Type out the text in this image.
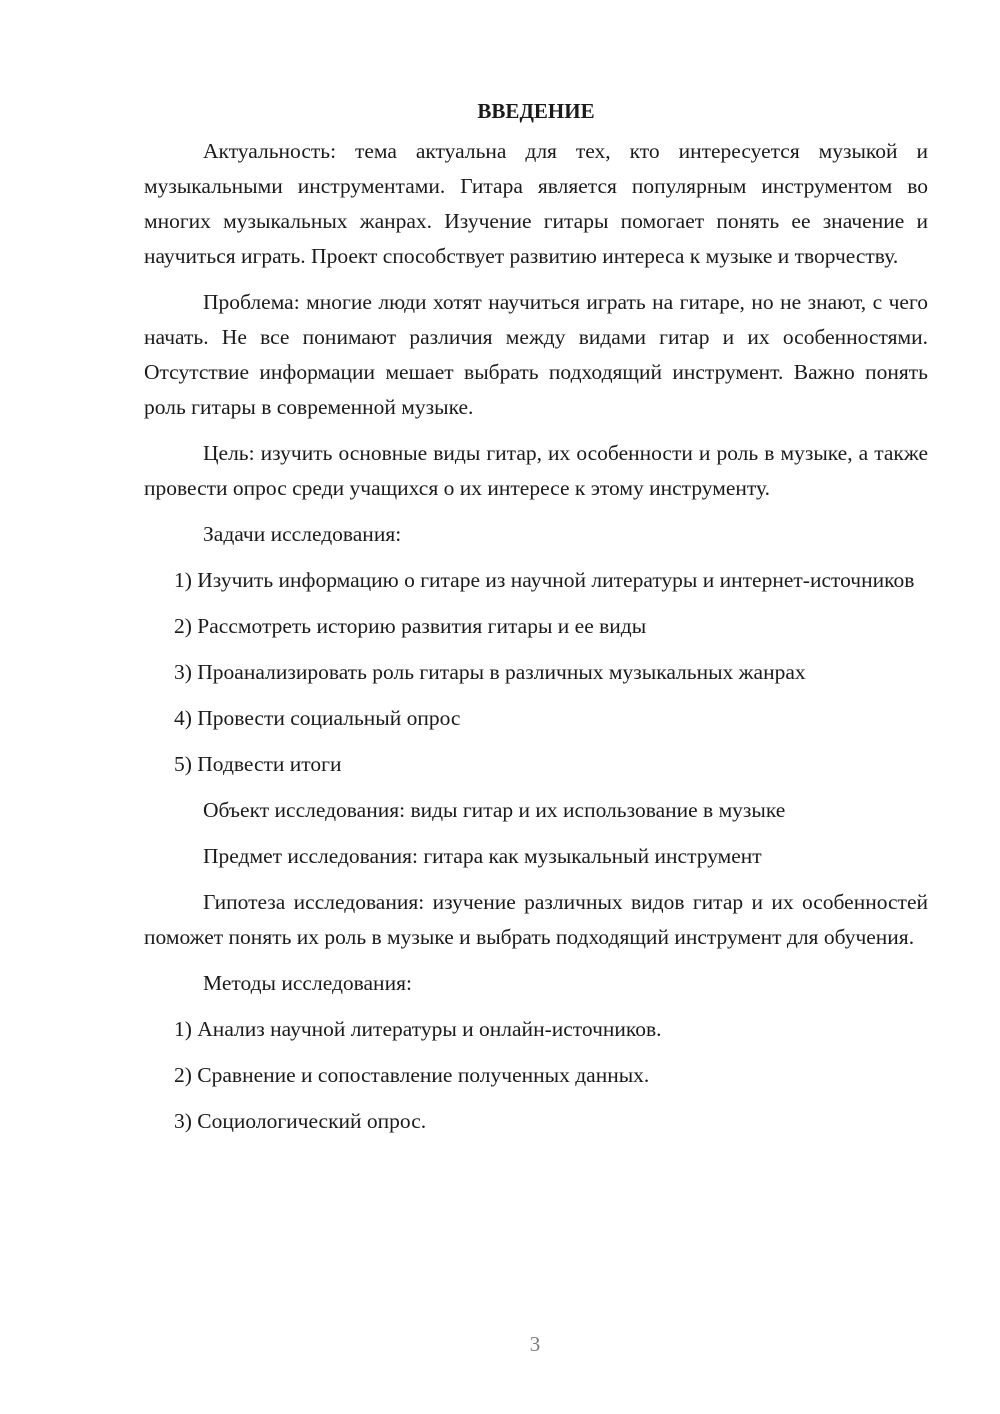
ВВЕДЕНИЕ

Актуальность: тема актуальна для тех, кто интересуется музыкой и музыкальными инструментами. Гитара является популярным инструментом во многих музыкальных жанрах. Изучение гитары помогает понять ее значение и научиться играть. Проект способствует развитию интереса к музыке и творчеству.

Проблема: многие люди хотят научиться играть на гитаре, но не знают, с чего начать. Не все понимают различия между видами гитар и их особенностями. Отсутствие информации мешает выбрать подходящий инструмент. Важно понять роль гитары в современной музыке.

Цель: изучить основные виды гитар, их особенности и роль в музыке, а также провести опрос среди учащихся о их интересе к этому инструменту.

Задачи исследования:

1) Изучить информацию о гитаре из научной литературы и интернет-источников

2) Рассмотреть историю развития гитары и ее виды

3) Проанализировать роль гитары в различных музыкальных жанрах

4) Провести социальный опрос

5) Подвести итоги

Объект исследования: виды гитар и их использование в музыке

Предмет исследования: гитара как музыкальный инструмент

Гипотеза исследования: изучение различных видов гитар и их особенностей поможет понять их роль в музыке и выбрать подходящий инструмент для обучения.

Методы исследования:

1) Анализ научной литературы и онлайн-источников.

2) Сравнение и сопоставление полученных данных.

3) Социологический опрос.

3
